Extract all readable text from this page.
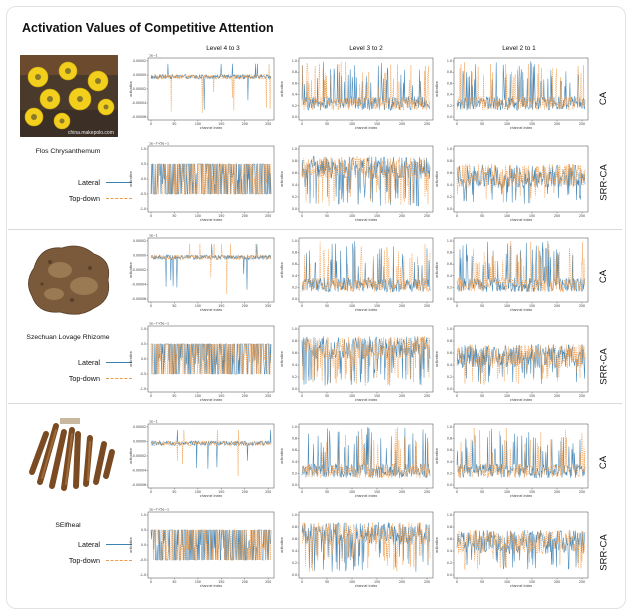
Activation Values of Competitive Attention
Level 4 to 3	Level 3 to 2	Level 2 to 1
china.makepolo.com
Flos Chrysanthemum
Szechuan Lovage Rhizome
SElfheal
Lateral
Top-down
Lateral
Top-down
Lateral
Top-down
CA
SRR-CA
CA
SRR-CA
CA
SRR-CA
0.00002
0.00000
-0.00002
-0.00004
-0.00006
0	50	100	150	200	250
channel index
activation
1e−1
1.0
0.5
0.0
-0.5
-1.0
0	50	100	150	200	250
channel index
activation
1e−7+5e−1
1.0
0.8
0.6
0.4
0.2
0.0
0	50	100	150	200	250
channel index
activation
1.0
0.8
0.6
0.4
0.2
0.0
0	50	100	150	200	250
channel index
activation
1.0
0.8
0.6
0.4
0.2
0.0
0	50	100	150	200	250
channel index
activation
1.0
0.8
0.6
0.4
0.2
0.0
0	50	100	150	200	250
channel index
activation
0.00002
0.00000
-0.00002
-0.00004
-0.00006
0	50	100	150	200	250
channel index
activation
1e−1
1.0
0.5
0.0
-0.5
-1.0
0	50	100	150	200	250
channel index
activation
1e−7+5e−1
1.0
0.8
0.6
0.4
0.2
0.0
0	50	100	150	200	250
channel index
activation
1.0
0.8
0.6
0.4
0.2
0.0
0	50	100	150	200	250
channel index
activation
1.0
0.8
0.6
0.4
0.2
0.0
0	50	100	150	200	250
channel index
activation
1.0
0.8
0.6
0.4
0.2
0.0
0	50	100	150	200	250
channel index
activation
0.00002
0.00000
-0.00002
-0.00004
-0.00006
0	50	100	150	200	250
channel index
activation
1e−1
1.0
0.5
0.0
-0.5
-1.0
0	50	100	150	200	250
channel index
activation
1e−7+5e−1
1.0
0.8
0.6
0.4
0.2
0.0
0	50	100	150	200	250
channel index
activation
1.0
0.8
0.6
0.4
0.2
0.0
0	50	100	150	200	250
channel index
activation
1.0
0.8
0.6
0.4
0.2
0.0
0	50	100	150	200	250
channel index
activation
1.0
0.8
0.6
0.4
0.2
0.0
0	50	100	150	200	250
channel index
activation
